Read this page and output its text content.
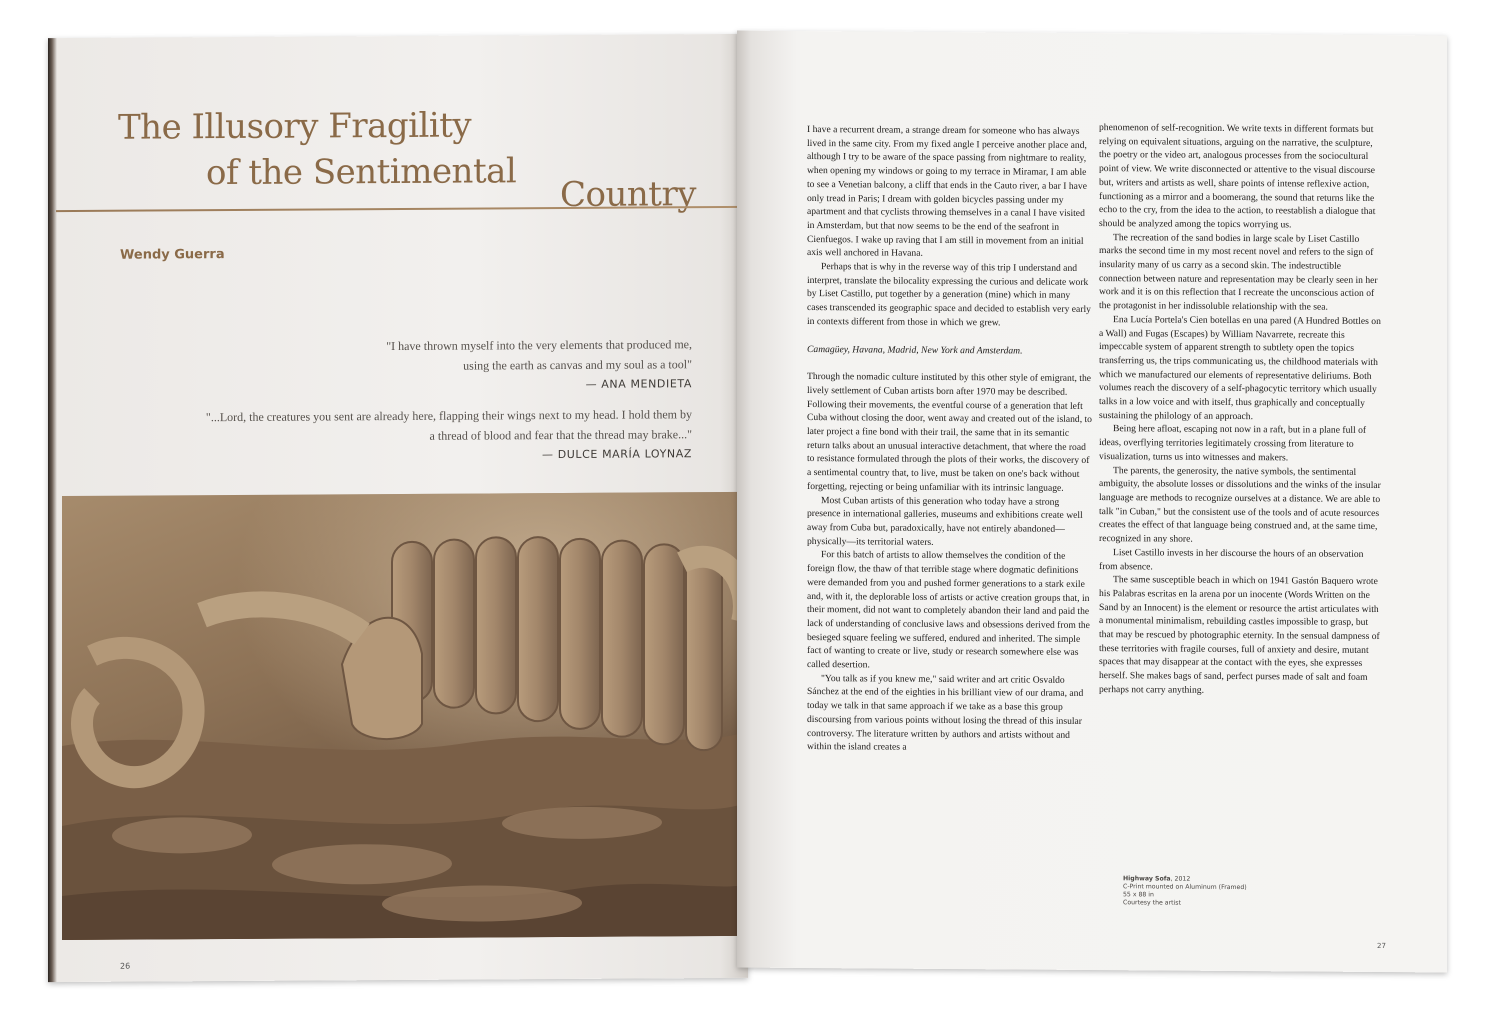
The Illusory Fragility
of the Sentimental
Country
Wendy Guerra
"I have thrown myself into the very elements that produced me,
using the earth as canvas and my soul as a tool"
— ANA MENDIETA
"...Lord, the creatures you sent are already here, flapping their wings next to my head. I hold them by
a thread of blood and fear that the thread may brake..."
— DULCE MARÍA LOYNAZ
26

I have a recurrent dream, a strange dream for someone who has always lived in the same city. From my fixed angle I perceive another place and, although I try to be aware of the space passing from nightmare to reality, when opening my windows or going to my terrace in Miramar, I am able to see a Venetian balcony, a cliff that ends in the Cauto river, a bar I have only tread in Paris; I dream with golden bicycles passing under my apartment and that cyclists throwing themselves in a canal I have visited in Amsterdam, but that now seems to be the end of the seafront in Cienfuegos. I wake up raving that I am still in movement from an initial axis well anchored in Havana.

Perhaps that is why in the reverse way of this trip I understand and interpret, translate the bilocality expressing the curious and delicate work by Liset Castillo, put together by a generation (mine) which in many cases transcended its geographic space and decided to establish very early in contexts different from those in which we grew.

Camagüey, Havana, Madrid, New York and Amsterdam.

Through the nomadic culture instituted by this other style of emigrant, the lively settlement of Cuban artists born after 1970 may be described. Following their movements, the eventful course of a generation that left Cuba without closing the door, went away and created out of the island, to later project a fine bond with their trail, the same that in its semantic return talks about an unusual interactive detachment, that where the road to resistance formulated through the plots of their works, the discovery of a sentimental country that, to live, must be taken on one's back without forgetting, rejecting or being unfamiliar with its intrinsic language.

Most Cuban artists of this generation who today have a strong presence in international galleries, museums and exhibitions create well away from Cuba but, paradoxically, have not entirely abandoned—physically—its territorial waters.

For this batch of artists to allow themselves the condition of the foreign flow, the thaw of that terrible stage where dogmatic definitions were demanded from you and pushed former generations to a stark exile and, with it, the deplorable loss of artists or active creation groups that, in their moment, did not want to completely abandon their land and paid the lack of understanding of conclusive laws and obsessions derived from the besieged square feeling we suffered, endured and inherited. The simple fact of wanting to create or live, study or research somewhere else was called desertion.

"You talk as if you knew me," said writer and art critic Osvaldo Sánchez at the end of the eighties in his brilliant view of our drama, and today we talk in that same approach if we take as a base this group discoursing from various points without losing the thread of this insular controversy. The literature written by authors and artists without and within the island creates a

phenomenon of self-recognition. We write texts in different formats but relying on equivalent situations, arguing on the narrative, the sculpture, the poetry or the video art, analogous processes from the sociocultural point of view. We write disconnected or attentive to the visual discourse but, writers and artists as well, share points of intense reflexive action, functioning as a mirror and a boomerang, the sound that returns like the echo to the cry, from the idea to the action, to reestablish a dialogue that should be analyzed among the topics worrying us.

The recreation of the sand bodies in large scale by Liset Castillo marks the second time in my most recent novel and refers to the sign of insularity many of us carry as a second skin. The indestructible connection between nature and representation may be clearly seen in her work and it is on this reflection that I recreate the unconscious action of the protagonist in her indissoluble relationship with the sea.

Ena Lucía Portela's Cien botellas en una pared (A Hundred Bottles on a Wall) and Fugas (Escapes) by William Navarrete, recreate this impeccable system of apparent strength to subtlety open the topics transferring us, the trips communicating us, the childhood materials with which we manufactured our elements of representative deliriums. Both volumes reach the discovery of a self-phagocytic territory which usually talks in a low voice and with itself, thus graphically and conceptually sustaining the philology of an approach.

Being here afloat, escaping not now in a raft, but in a plane full of ideas, overflying territories legitimately crossing from literature to visualization, turns us into witnesses and makers.

The parents, the generosity, the native symbols, the sentimental ambiguity, the absolute losses or dissolutions and the winks of the insular language are methods to recognize ourselves at a distance. We are able to talk "in Cuban," but the consistent use of the tools and of acute resources creates the effect of that language being construed and, at the same time, recognized in any shore.

Liset Castillo invests in her discourse the hours of an observation from absence.

The same susceptible beach in which on 1941 Gastón Baquero wrote his Palabras escritas en la arena por un inocente (Words Written on the Sand by an Innocent) is the element or resource the artist articulates with a monumental minimalism, rebuilding castles impossible to grasp, but that may be rescued by photographic eternity. In the sensual dampness of these territories with fragile courses, full of anxiety and desire, mutant spaces that may disappear at the contact with the eyes, she expresses herself. She makes bags of sand, perfect purses made of salt and foam perhaps not carry anything.

Highway Sofa, 2012
C-Print mounted on Aluminum (Framed)
55 x 88 in
Courtesy the artist
27
